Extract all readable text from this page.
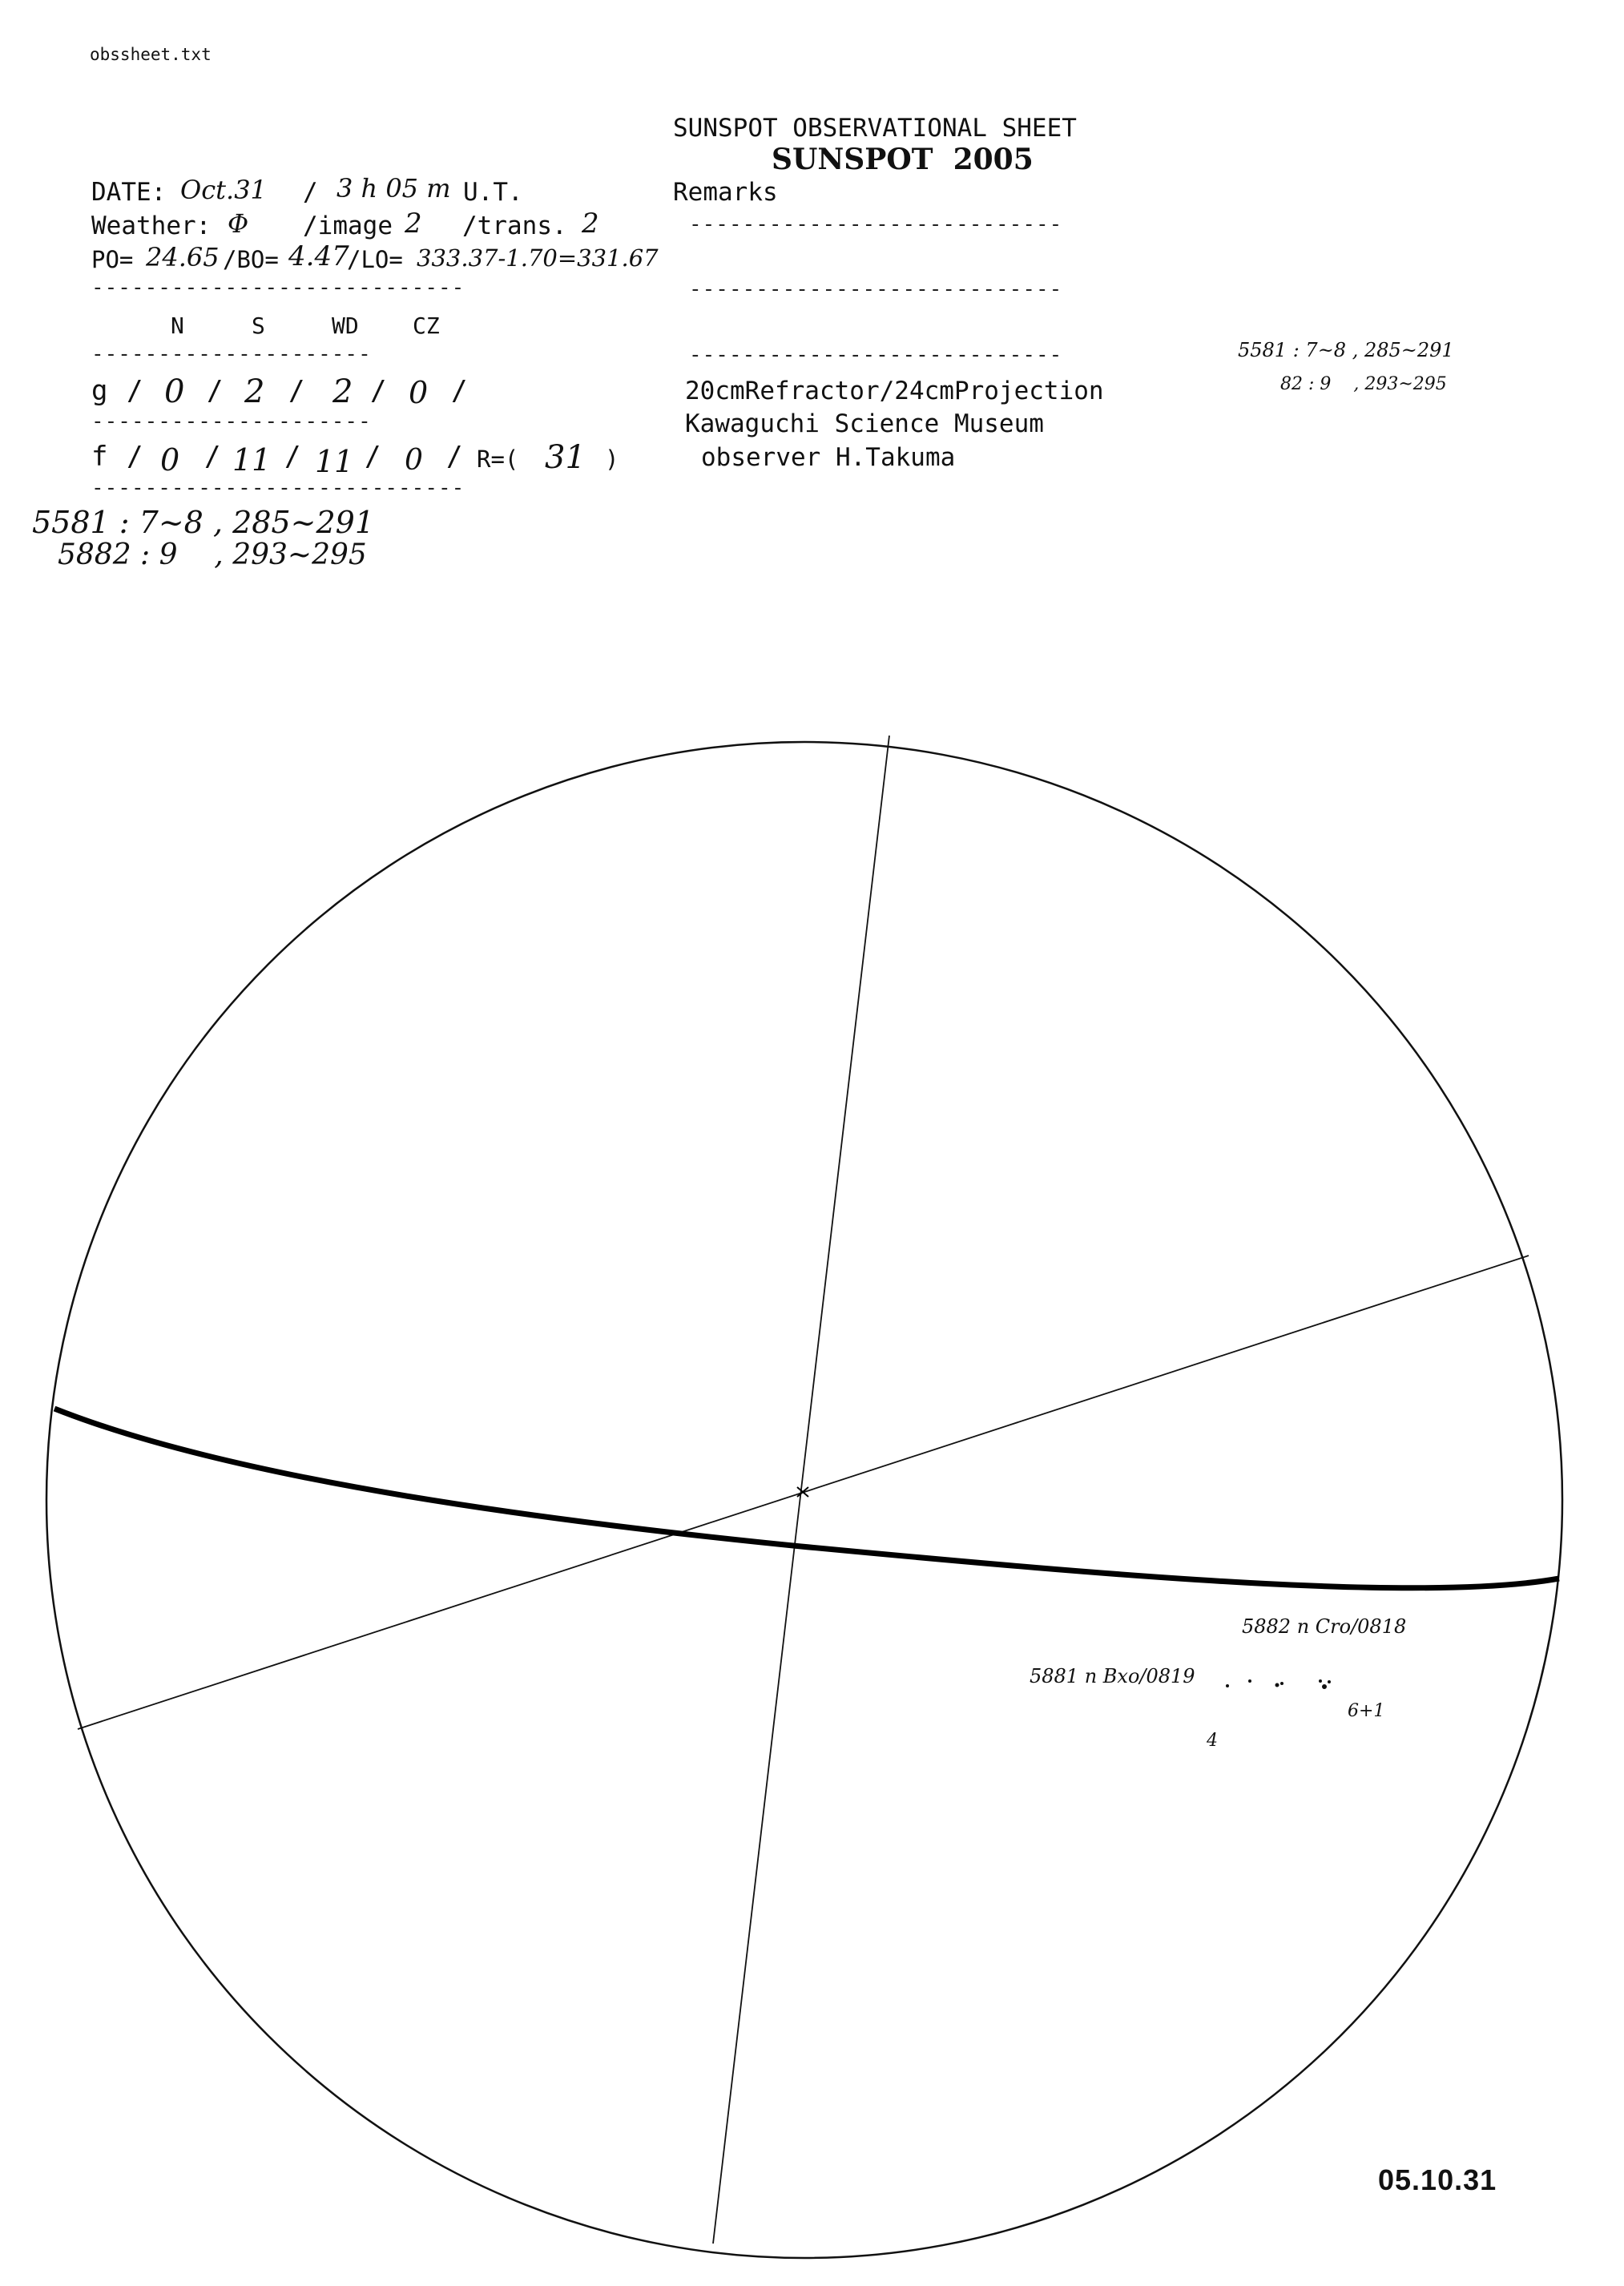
obssheet.txt
SUNSPOT OBSERVATIONAL SHEET
SUNSPOT  2005
Remarks
----------------------------
----------------------------
----------------------------
20cmRefractor/24cmProjection
Kawaguchi Science Museum
observer H.Takuma
DATE: Oct.31 / 3 h 05 m U.T.
Weather: Φ /image 2 /trans. 2
PO= 24.65 /BO= 4.47
/LO= 333.37-1.70=331.67
----------------------------
N	S	WD CZ
---------------------
g / 0 / 2 / 2 / 0 /
---------------------
f / 0 / 11 / 11 / 0 / R=( 31 )
----------------------------
5581 : 7~8 , 285~291
5882 : 9    , 293~295
5581 : 7~8 , 285~291
82 : 9    , 293~295
5882 n Cro/0818
5881 n Bxo/0819
6+1
4
05.10.31
